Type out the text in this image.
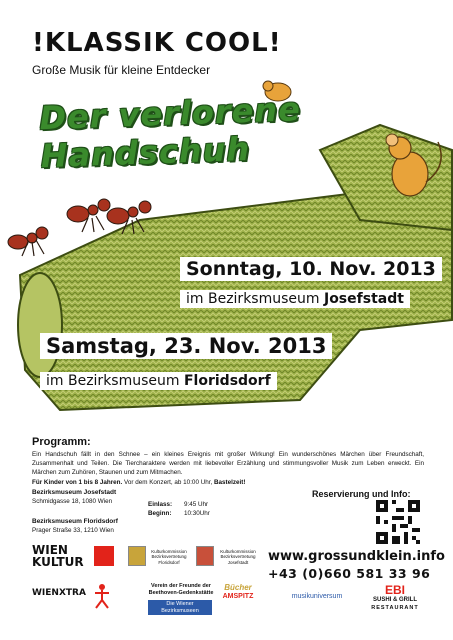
!KLASSIK COOL!
Große Musik für kleine Entdecker
Der verlorene Handschuh
Sonntag, 10. Nov. 2013
im Bezirksmuseum Josefstadt
Samstag, 23. Nov. 2013
im Bezirksmuseum Floridsdorf
Programm:
Ein Handschuh fällt in den Schnee – ein kleines Ereignis mit großer Wirkung! Ein wunderschönes Märchen über Freundschaft, Zusammenhalt und Teilen. Die Tiercharaktere werden mit liebevoller Erzählung und stimmungsvoller Musik zum Leben erweckt. Ein Märchen zum Zuhören, Staunen und zum Mitmachen.
Für Kinder von 1 bis 8 Jahren. Vor dem Konzert, ab 10:00 Uhr, Bastelzeit!
Bezirksmuseum Josefstadt
Schmidgasse 18, 1080 Wien
Bezirksmuseum Floridsdorf
Prager Straße 33, 1210 Wien
Einlass: 9:45 Uhr
Beginn: 10:30Uhr
Reservierung und Info:
www.grossundklein.info
+43 (0)660 581 33 96
WIEN
KULTUR
WIENXTRA
Kulturkommission Bezirksvertretung Floridsdorf
Kulturkommission Bezirksvertretung Josefstadt
Verein der Freunde der Beethoven-Gedenkstätte
Die Wiener Bezirksmuseen
Bücher
AMSPITZ	musikuniversum	EBI
SUSHI & GRILL
RESTAURANT
